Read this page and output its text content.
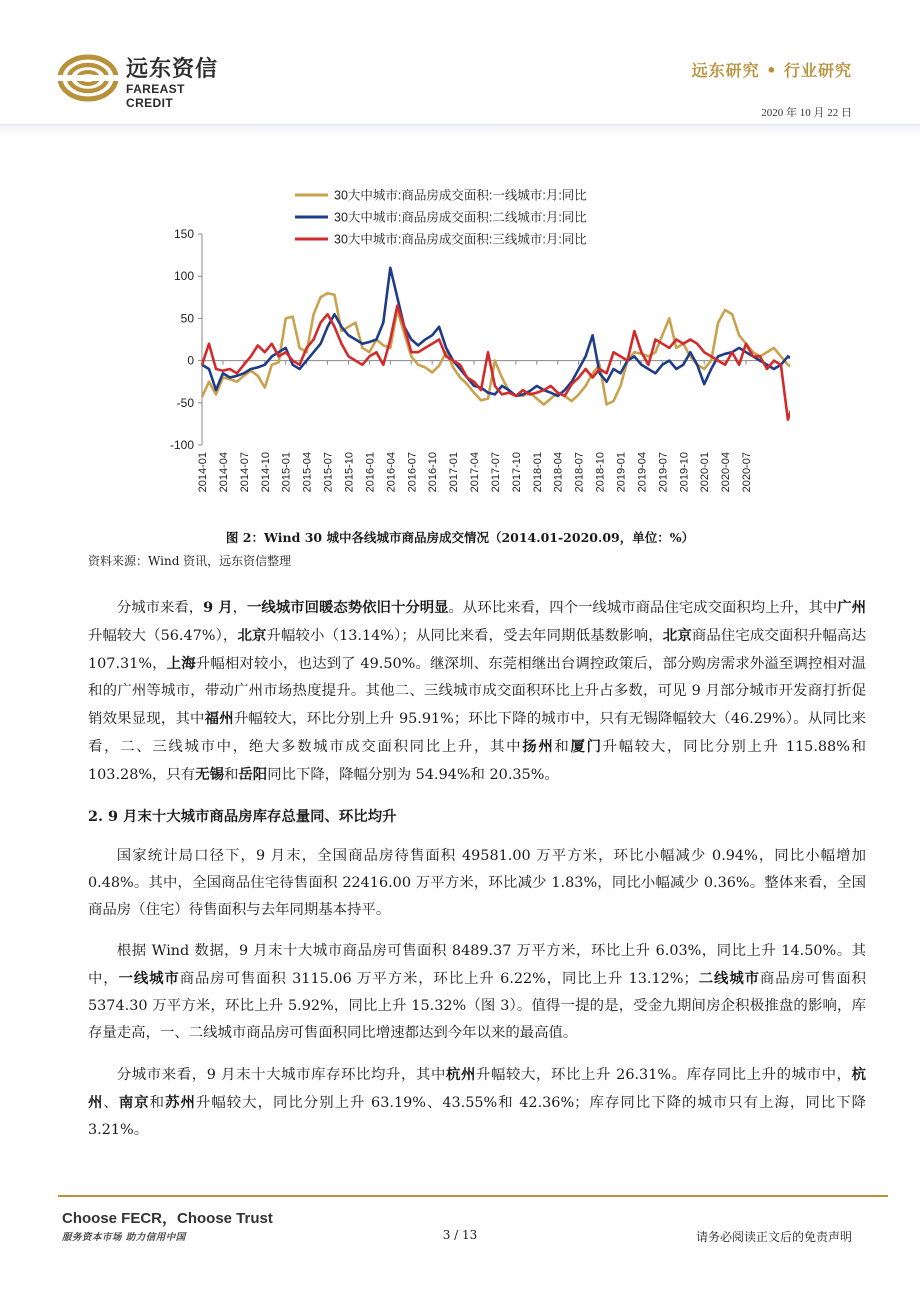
远东资信
FAREAST CREDIT
远东研究 • 行业研究
2020 年 10 月 22 日
30大中城市:商品房成交面积:一线城市:月:同比
30大中城市:商品房成交面积:二线城市:月:同比
30大中城市:商品房成交面积:三线城市:月:同比
-100
-50
0
50
100
150
2014-01 2014-04 2014-07 2014-10 2015-01 2015-04 2015-07 2015-10 2016-01 2016-04 2016-07 2016-10 2017-01 2017-04 2017-07 2017-10 2018-01 2018-04 2018-07 2018-10 2019-01 2019-04 2019-07 2019-10 2020-01 2020-04 2020-07
图 2：Wind 30 城中各线城市商品房成交情况（2014.01-2020.09，单位：%）
资料来源：Wind 资讯，远东资信整理

分城市来看，9 月，一线城市回暖态势依旧十分明显。从环比来看，四个一线城市商品住宅成交面积均上升，其中广州升幅较大（56.47%），北京升幅较小（13.14%）；从同比来看，受去年同期低基数影响，北京商品住宅成交面积升幅高达 107.31%，上海升幅相对较小，也达到了 49.50%。继深圳、东莞相继出台调控政策后，部分购房需求外溢至调控相对温和的广州等城市，带动广州市场热度提升。其他二、三线城市成交面积环比上升占多数，可见 9 月部分城市开发商打折促销效果显现，其中福州升幅较大，环比分别上升 95.91%；环比下降的城市中，只有无锡降幅较大（46.29%）。从同比来看，二、三线城市中，绝大多数城市成交面积同比上升，其中扬州和厦门升幅较大，同比分别上升 115.88%和 103.28%，只有无锡和岳阳同比下降，降幅分别为 54.94%和 20.35%。

2. 9 月末十大城市商品房库存总量同、环比均升

国家统计局口径下，9 月末，全国商品房待售面积 49581.00 万平方米，环比小幅减少 0.94%，同比小幅增加 0.48%。其中，全国商品住宅待售面积 22416.00 万平方米，环比减少 1.83%，同比小幅减少 0.36%。整体来看，全国商品房（住宅）待售面积与去年同期基本持平。

根据 Wind 数据，9 月末十大城市商品房可售面积 8489.37 万平方米，环比上升 6.03%，同比上升 14.50%。其中，一线城市商品房可售面积 3115.06 万平方米，环比上升 6.22%，同比上升 13.12%；二线城市商品房可售面积 5374.30 万平方米，环比上升 5.92%，同比上升 15.32%（图 3）。值得一提的是，受金九期间房企积极推盘的影响，库存量走高，一、二线城市商品房可售面积同比增速都达到今年以来的最高值。

分城市来看，9 月末十大城市库存环比均升，其中杭州升幅较大，环比上升 26.31%。库存同比上升的城市中，杭州、南京和苏州升幅较大，同比分别上升 63.19%、43.55%和 42.36%；库存同比下降的城市只有上海，同比下降 3.21%。

Choose FECR，Choose Trust
服务资本市场 助力信用中国	3 / 13	请务必阅读正文后的免责声明
